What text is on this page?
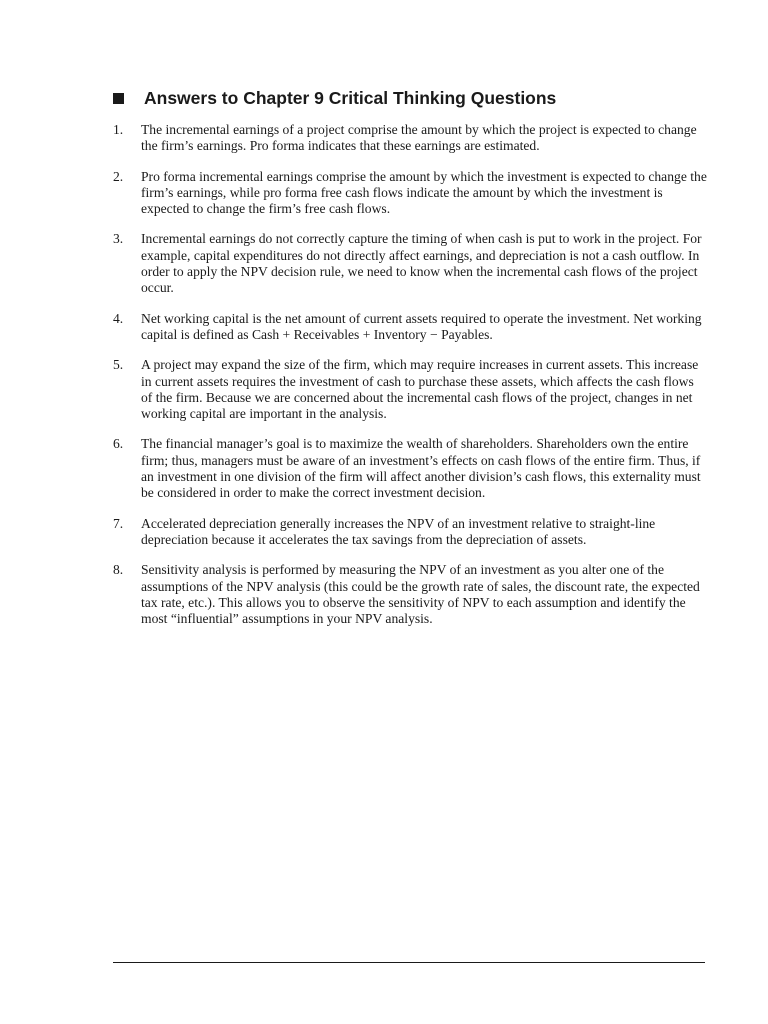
Answers to Chapter 9 Critical Thinking Questions
1.	The incremental earnings of a project comprise the amount by which the project is expected to change the firm’s earnings. Pro forma indicates that these earnings are estimated.
2.	Pro forma incremental earnings comprise the amount by which the investment is expected to change the firm’s earnings, while pro forma free cash flows indicate the amount by which the investment is expected to change the firm’s free cash flows.
3.	Incremental earnings do not correctly capture the timing of when cash is put to work in the project. For example, capital expenditures do not directly affect earnings, and depreciation is not a cash outflow. In order to apply the NPV decision rule, we need to know when the incremental cash flows of the project occur.
4.	Net working capital is the net amount of current assets required to operate the investment. Net working capital is defined as Cash + Receivables + Inventory − Payables.
5.	A project may expand the size of the firm, which may require increases in current assets. This increase in current assets requires the investment of cash to purchase these assets, which affects the cash flows of the firm. Because we are concerned about the incremental cash flows of the project, changes in net working capital are important in the analysis.
6.	The financial manager’s goal is to maximize the wealth of shareholders. Shareholders own the entire firm; thus, managers must be aware of an investment’s effects on cash flows of the entire firm. Thus, if an investment in one division of the firm will affect another division’s cash flows, this externality must be considered in order to make the correct investment decision.
7.	Accelerated depreciation generally increases the NPV of an investment relative to straight-line depreciation because it accelerates the tax savings from the depreciation of assets.
8.	Sensitivity analysis is performed by measuring the NPV of an investment as you alter one of the assumptions of the NPV analysis (this could be the growth rate of sales, the discount rate, the expected tax rate, etc.). This allows you to observe the sensitivity of NPV to each assumption and identify the most “influential” assumptions in your NPV analysis.
